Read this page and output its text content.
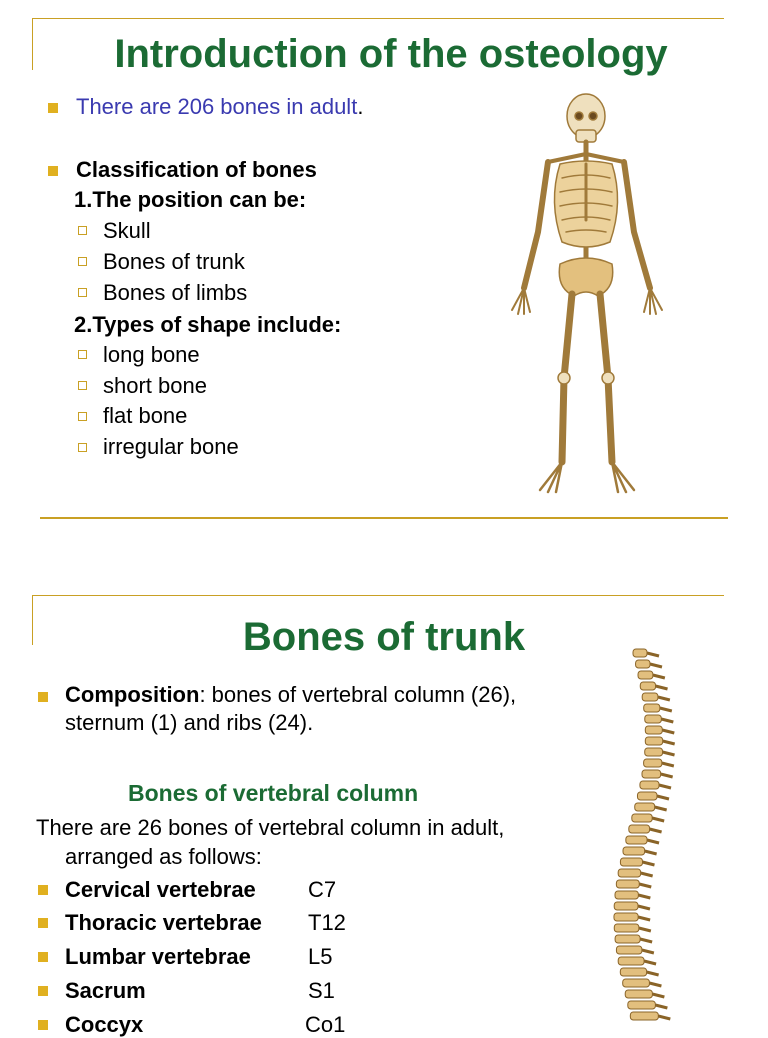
Introduction of the osteology
There are 206 bones in adult.
Classification of bones
1.The position can be:
Skull
Bones of trunk
Bones of limbs
2.Types of shape include:
long bone
short bone
flat bone
irregular bone
Bones of trunk
Composition: bones of vertebral column (26),
sternum (1) and ribs (24).
Bones of vertebral column
There are 26 bones of vertebral column in adult,
arranged as follows:
Cervical vertebrae C7
Thoracic vertebrae T12
Lumbar vertebrae	L5
Sacrum	S1
Coccyx	Co1
